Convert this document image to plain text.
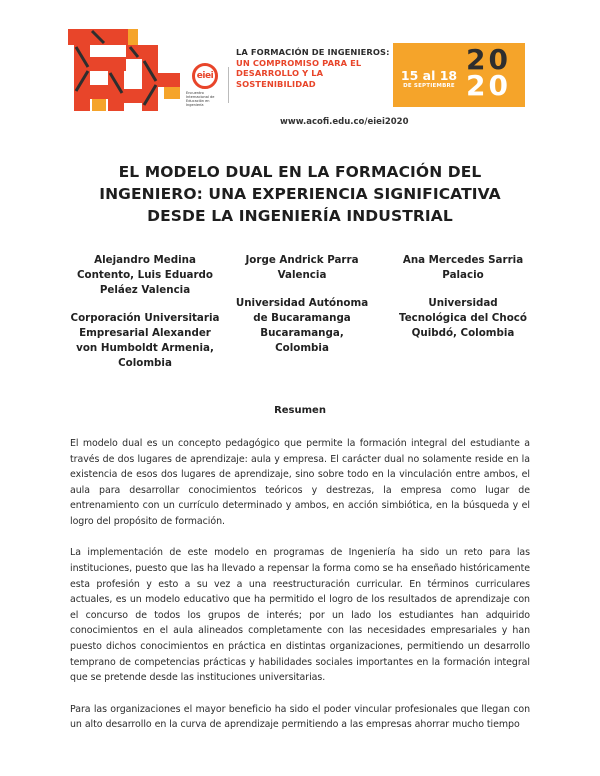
eiei
Encuentro Internacional de Educación en Ingeniería
LA FORMACIÓN DE INGENIEROS:
UN COMPROMISO PARA EL
DESARROLLO Y LA SOSTENIBILIDAD
15 al 18
DE SEPTIEMBRE
20
20
www.acofi.edu.co/eiei2020
EL MODELO DUAL EN LA FORMACIÓN DEL INGENIERO: UNA EXPERIENCIA SIGNIFICATIVA DESDE LA INGENIERÍA INDUSTRIAL
Alejandro Medina Contento, Luis Eduardo Peláez Valencia
Corporación Universitaria Empresarial Alexander von Humboldt Armenia, Colombia
Jorge Andrick Parra Valencia
Universidad Autónoma de Bucaramanga Bucaramanga, Colombia
Ana Mercedes Sarria Palacio
Universidad Tecnológica del Chocó Quibdó, Colombia
Resumen

El modelo dual es un concepto pedagógico que permite la formación integral del estudiante a través de dos lugares de aprendizaje: aula y empresa. El carácter dual no solamente reside en la existencia de esos dos lugares de aprendizaje, sino sobre todo en la vinculación entre ambos, el aula para desarrollar conocimientos teóricos y destrezas, la empresa como lugar de entrenamiento con un currículo determinado y ambos, en acción simbiótica, en la búsqueda y el logro del propósito de formación.

La implementación de este modelo en programas de Ingeniería ha sido un reto para las instituciones, puesto que las ha llevado a repensar la forma como se ha enseñado históricamente esta profesión y esto a su vez a una reestructuración curricular. En términos curriculares actuales, es un modelo educativo que ha permitido el logro de los resultados de aprendizaje con el concurso de todos los grupos de interés; por un lado los estudiantes han adquirido conocimientos en el aula alineados completamente con las necesidades empresariales y han puesto dichos conocimientos en práctica en distintas organizaciones, permitiendo un desarrollo temprano de competencias prácticas y habilidades sociales importantes en la formación integral que se pretende desde las instituciones universitarias.

Para las organizaciones el mayor beneficio ha sido el poder vincular profesionales que llegan con un alto desarrollo en la curva de aprendizaje permitiendo a las empresas ahorrar mucho tiempo
